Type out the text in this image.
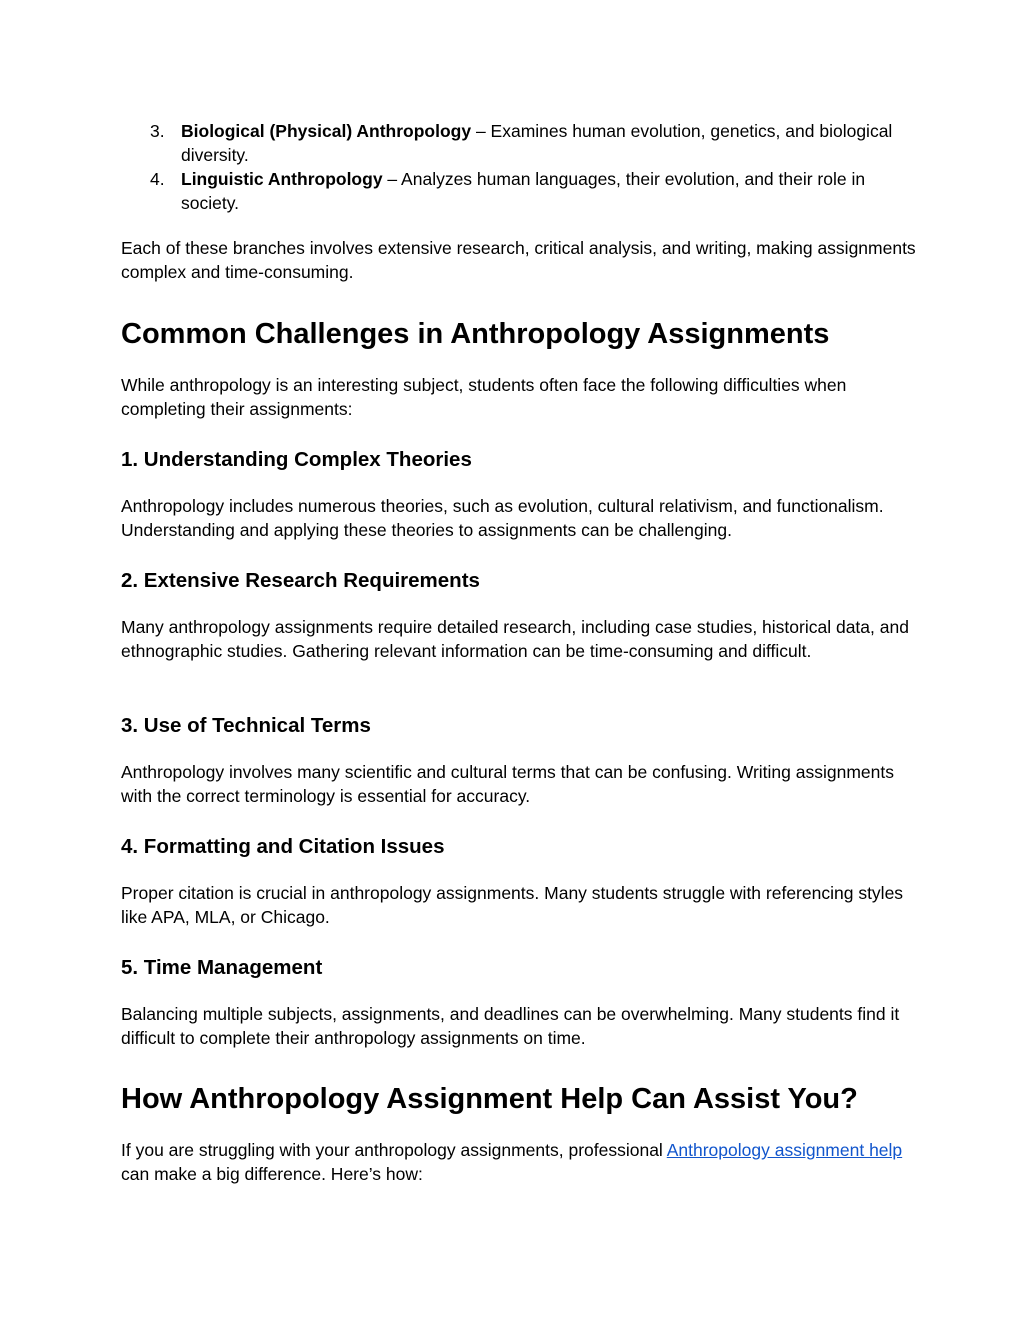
3. Biological (Physical) Anthropology – Examines human evolution, genetics, and biological diversity.
4. Linguistic Anthropology – Analyzes human languages, their evolution, and their role in society.

Each of these branches involves extensive research, critical analysis, and writing, making assignments complex and time-consuming.

Common Challenges in Anthropology Assignments

While anthropology is an interesting subject, students often face the following difficulties when completing their assignments:

1. Understanding Complex Theories

Anthropology includes numerous theories, such as evolution, cultural relativism, and functionalism. Understanding and applying these theories to assignments can be challenging.

2. Extensive Research Requirements

Many anthropology assignments require detailed research, including case studies, historical data, and ethnographic studies. Gathering relevant information can be time-consuming and difficult.

3. Use of Technical Terms

Anthropology involves many scientific and cultural terms that can be confusing. Writing assignments with the correct terminology is essential for accuracy.

4. Formatting and Citation Issues

Proper citation is crucial in anthropology assignments. Many students struggle with referencing styles like APA, MLA, or Chicago.

5. Time Management

Balancing multiple subjects, assignments, and deadlines can be overwhelming. Many students find it difficult to complete their anthropology assignments on time.

How Anthropology Assignment Help Can Assist You?

If you are struggling with your anthropology assignments, professional Anthropology assignment help can make a big difference. Here’s how:
